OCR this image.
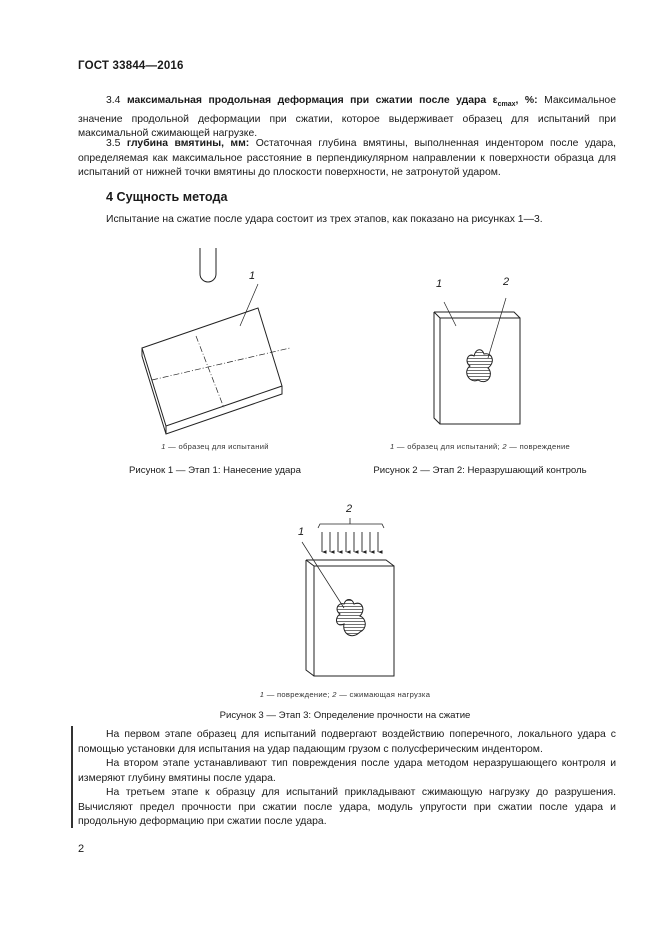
ГОСТ 33844—2016
3.4 максимальная продольная деформация при сжатии после удара $\varepsilon_{cmax}$, %: Максимальное значение продольной деформации при сжатии, которое выдерживает образец для испытаний при максимальной сжимающей нагрузке.
3.5 глубина вмятины, мм: Остаточная глубина вмятины, выполненная индентором после удара, определяемая как максимальное расстояние в перпендикулярном направлении к поверхности образца для испытаний от нижней точки вмятины до плоскости поверхности, не затронутой ударом.
4 Сущность метода
Испытание на сжатие после удара состоит из трех этапов, как показано на рисунках 1—3.
1
1 — образец для испытаний
Рисунок 1 — Этап 1: Нанесение удара
1	2
1 — образец для испытаний; 2 — повреждение
Рисунок 2 — Этап 2: Неразрушающий контроль
1
2
1 — повреждение; 2 — сжимающая нагрузка
Рисунок 3 — Этап 3: Определение прочности на сжатие
На первом этапе образец для испытаний подвергают воздействию поперечного, локального удара с помощью установки для испытания на удар падающим грузом с полусферическим индентором.
На втором этапе устанавливают тип повреждения после удара методом неразрушающего контроля и измеряют глубину вмятины после удара.
На третьем этапе к образцу для испытаний прикладывают сжимающую нагрузку до разрушения. Вычисляют предел прочности при сжатии после удара, модуль упругости при сжатии после удара и продольную деформацию при сжатии после удара.
2
